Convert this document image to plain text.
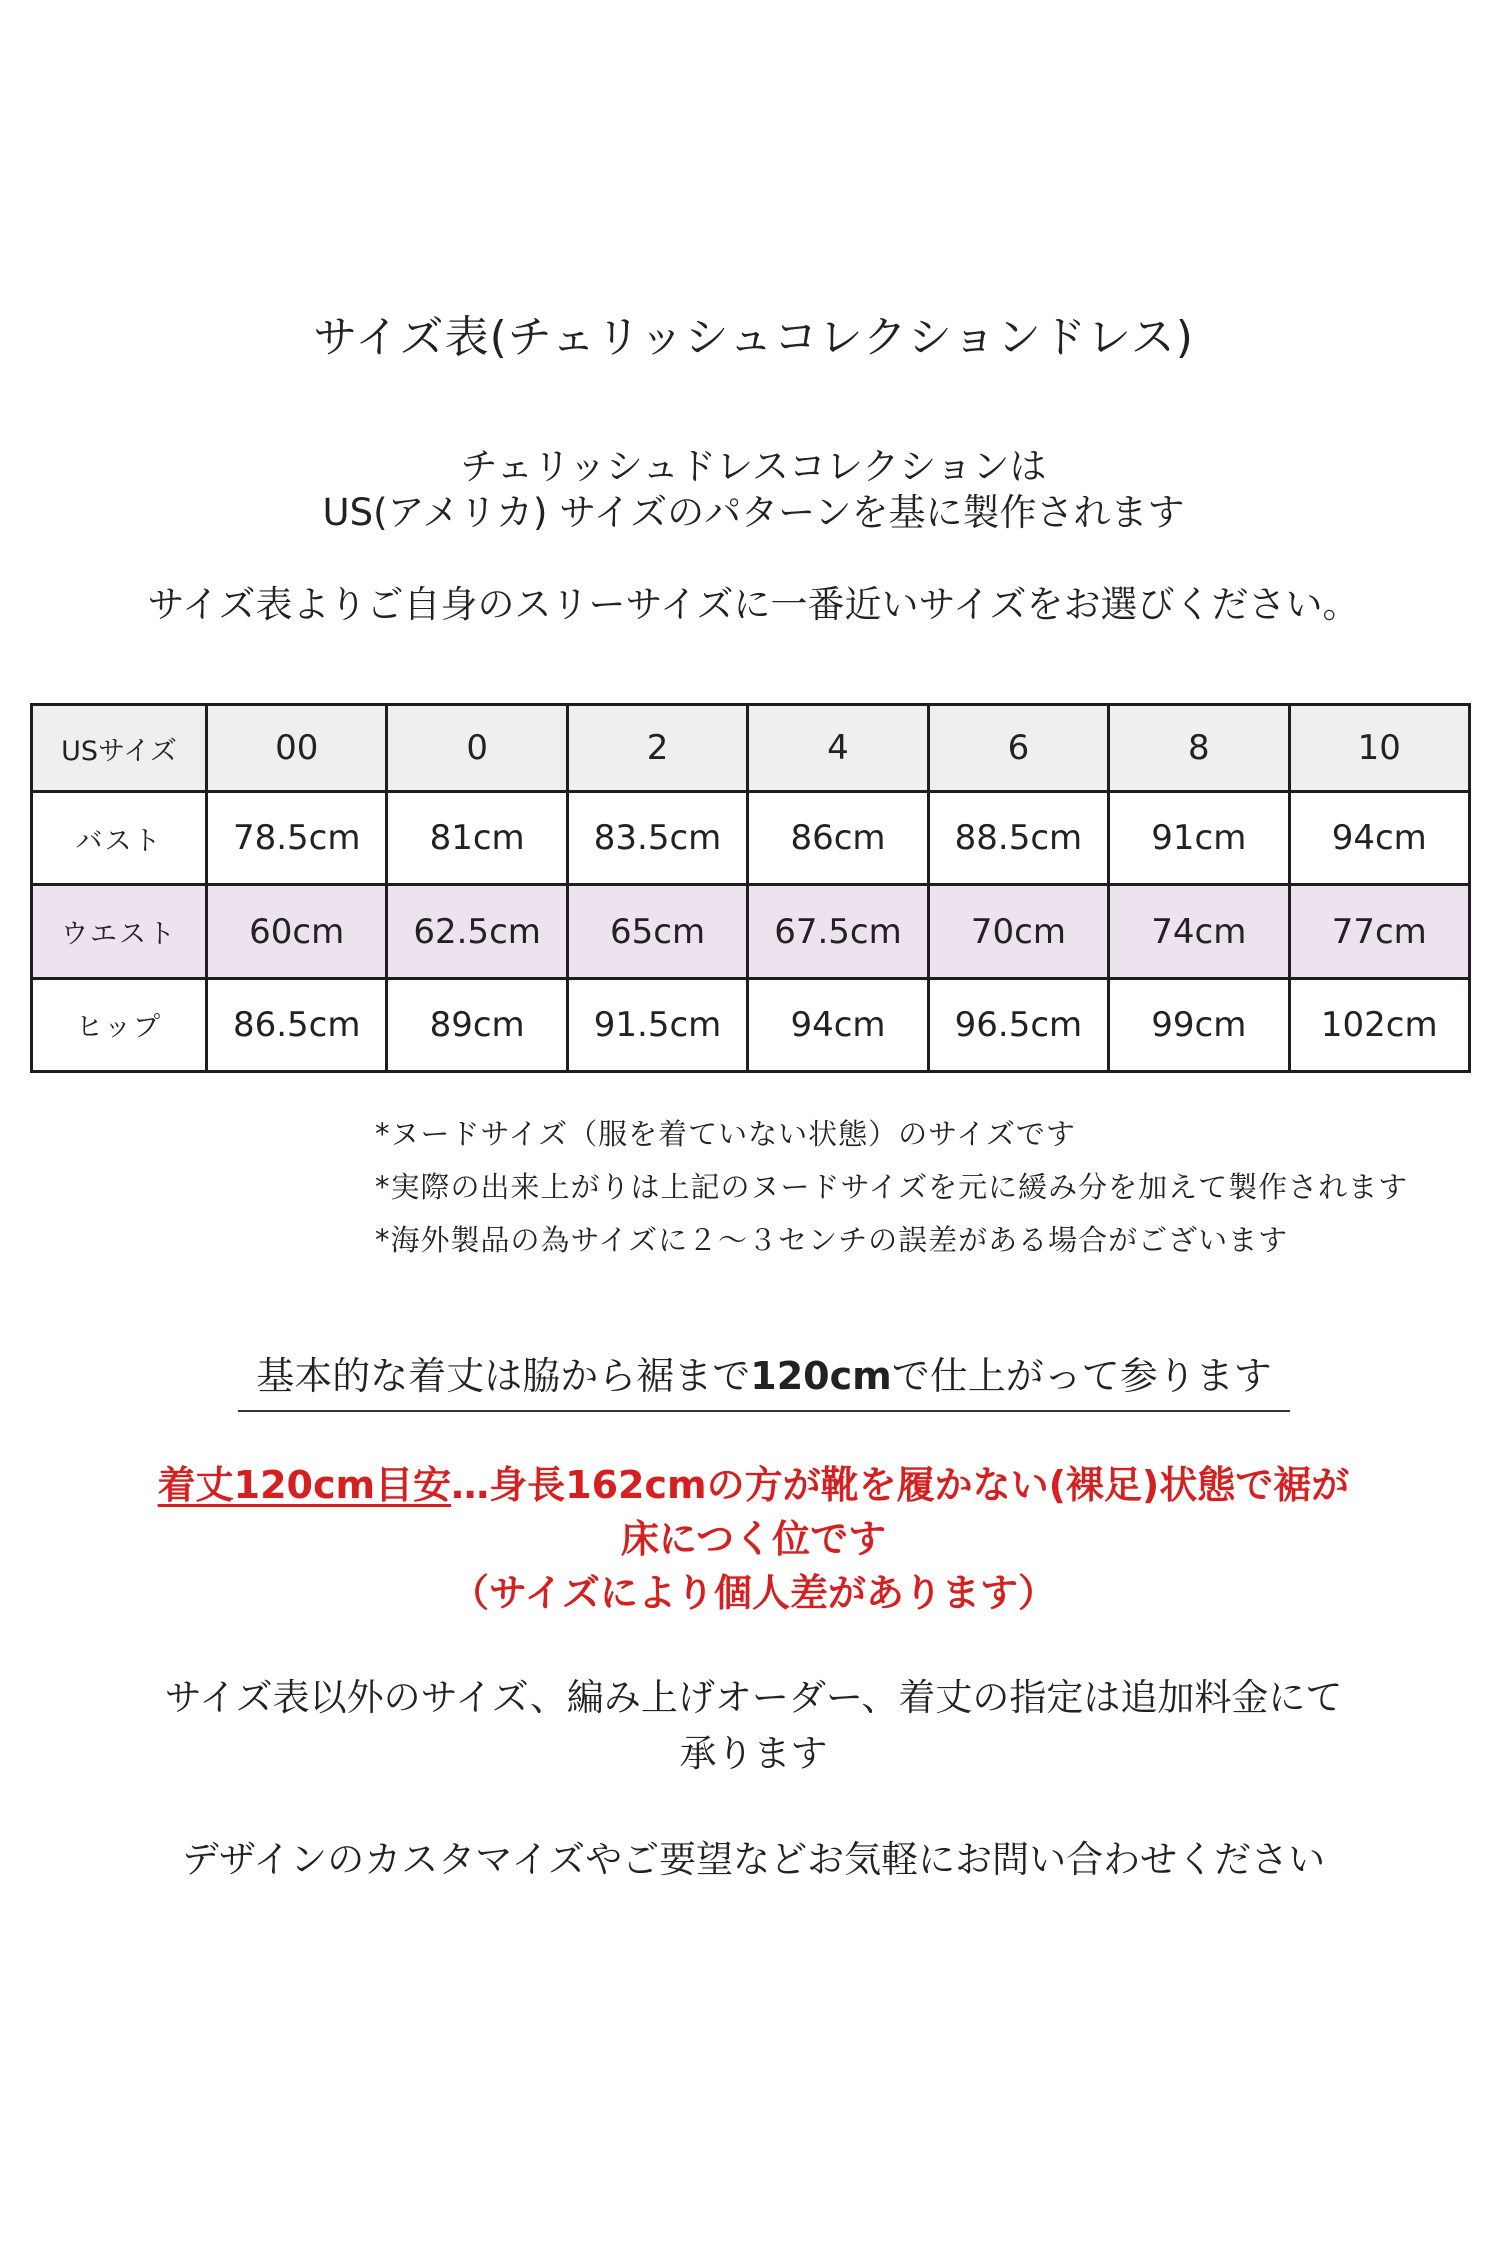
サイズ表(チェリッシュコレクションドレス)
チェリッシュドレスコレクションは
US(アメリカ) サイズのパターンを基に製作されます
サイズ表よりご自身のスリーサイズに一番近いサイズをお選びください。
USサイズ	00	0	2	4	6	8	10
バスト	78.5cm	81cm	83.5cm	86cm	88.5cm	91cm	94cm
ウエスト	60cm	62.5cm	65cm	67.5cm	70cm	74cm	77cm
ヒップ	86.5cm	89cm	91.5cm	94cm	96.5cm	99cm	102cm
*ヌードサイズ（服を着ていない状態）のサイズです
*実際の出来上がりは上記のヌードサイズを元に緩み分を加えて製作されます
*海外製品の為サイズに２～３センチの誤差がある場合がございます
基本的な着丈は脇から裾まで120cmで仕上がって参ります
着丈120cm目安…身長162cmの方が靴を履かない(裸足)状態で裾が
床につく位です
（サイズにより個人差があります）
サイズ表以外のサイズ、編み上げオーダー、着丈の指定は追加料金にて
承ります
デザインのカスタマイズやご要望などお気軽にお問い合わせください
